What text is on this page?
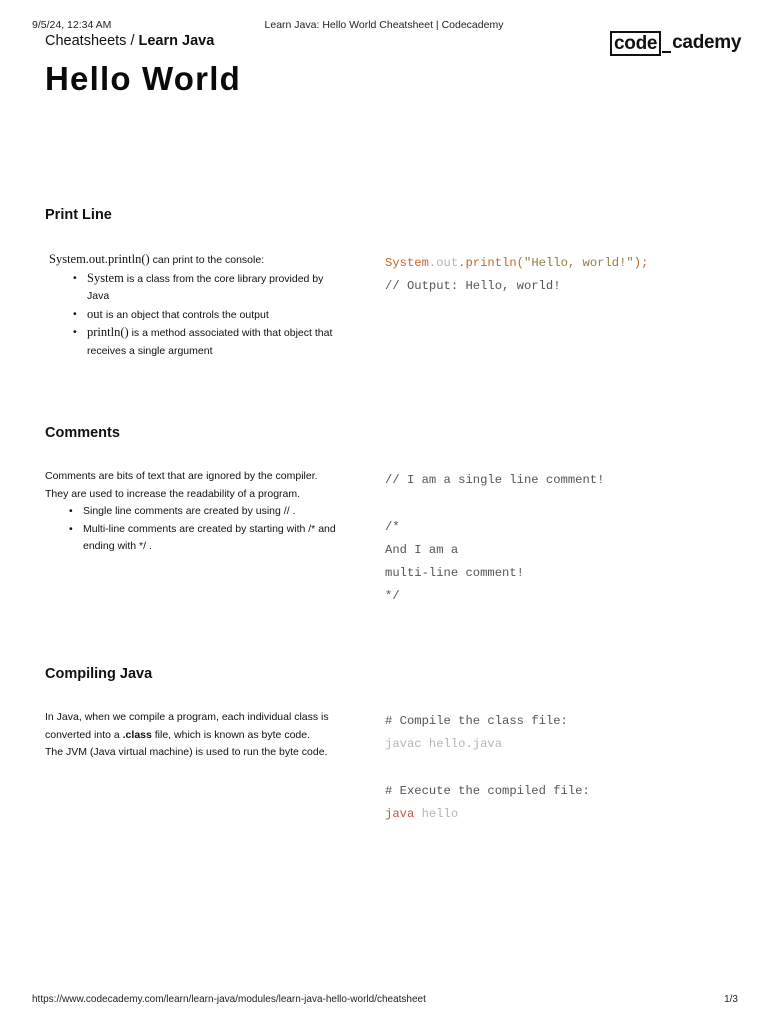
9/5/24, 12:34 AM	Learn Java: Hello World Cheatsheet | Codecademy
https://www.codecademy.com/learn/learn-java/modules/learn-java-hello-world/cheatsheet	1/3
Cheatsheets / Learn Java	code cademy
Hello World
Print Line
System.out.println() can print to the console:
• System is a class from the core library provided by Java
• out is an object that controls the output
• println() is a method associated with that object that receives a single argument
System.out.println("Hello, world!");
// Output: Hello, world!
Comments
Comments are bits of text that are ignored by the compiler. They are used to increase the readability of a program.
• Single line comments are created by using // .
• Multi-line comments are created by starting with /* and ending with */ .
// I am a single line comment!
/*
And I am a
multi-line comment!
*/
Compiling Java
In Java, when we compile a program, each individual class is converted into a .class file, which is known as byte code.
The JVM (Java virtual machine) is used to run the byte code.
# Compile the class file:
javac hello.java
# Execute the compiled file:
java hello
